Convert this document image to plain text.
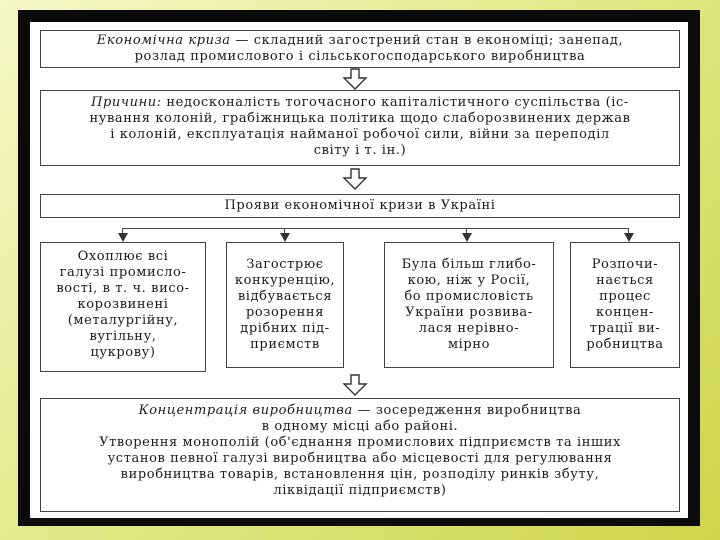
Економічна криза — складний загострений стан в економіці; занепад,
розлад промислового і сільськогосподарського виробництва
Причини: недосконалість тогочасного капіталістичного суспільства (іс-
нування колоній, грабіжницька політика щодо слаборозвинених держав
і колоній, експлуатація найманої робочої сили, війни за переподіл
світу і т. ін.)
Прояви економічної кризи в Україні
Охоплює всі
галузі промисло-
вості, в т. ч. висо-
корозвинені
(металургійну,
вугільну,
цукрову)
Загострює
конкуренцію,
відбувається
розорення
дрібних під-
приємств
Була більш глибо-
кою, ніж у Росії,
бо промисловість
України розвива-
лася нерівно-
мірно
Розпочи-
нається
процес
концен-
трації ви-
робництва
Концентрація виробництва — зосередження виробництва
в одному місці або районі.
Утворення монополій (об'єднання промислових підприємств та інших
установ певної галузі виробництва або місцевості для регулювання
виробництва товарів, встановлення цін, розподілу ринків збуту,
ліквідації підприємств)
